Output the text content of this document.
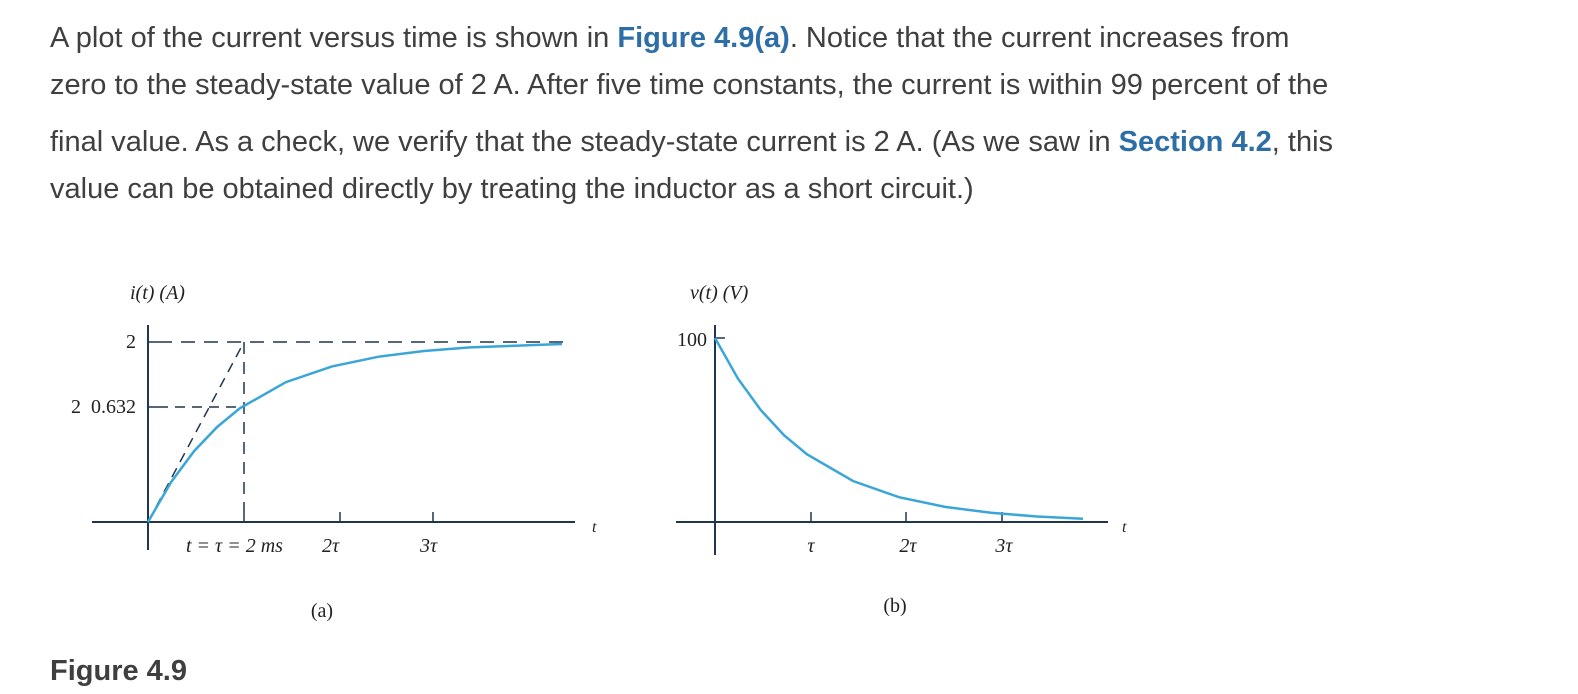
A plot of the current versus time is shown in Figure 4.9(a). Notice that the current increases from
zero to the steady-state value of 2 A. After five time constants, the current is within 99 percent of the
final value. As a check, we verify that the steady-state current is 2 A. (As we saw in Section 4.2, this
value can be obtained directly by treating the inductor as a short circuit.)

i(t) (A)
2
2  0.632
t = τ = 2 ms 2τ	3τ
t
(a)
v(t) (V)
100
τ	2τ	3τ
t
(b)
Figure 4.9
